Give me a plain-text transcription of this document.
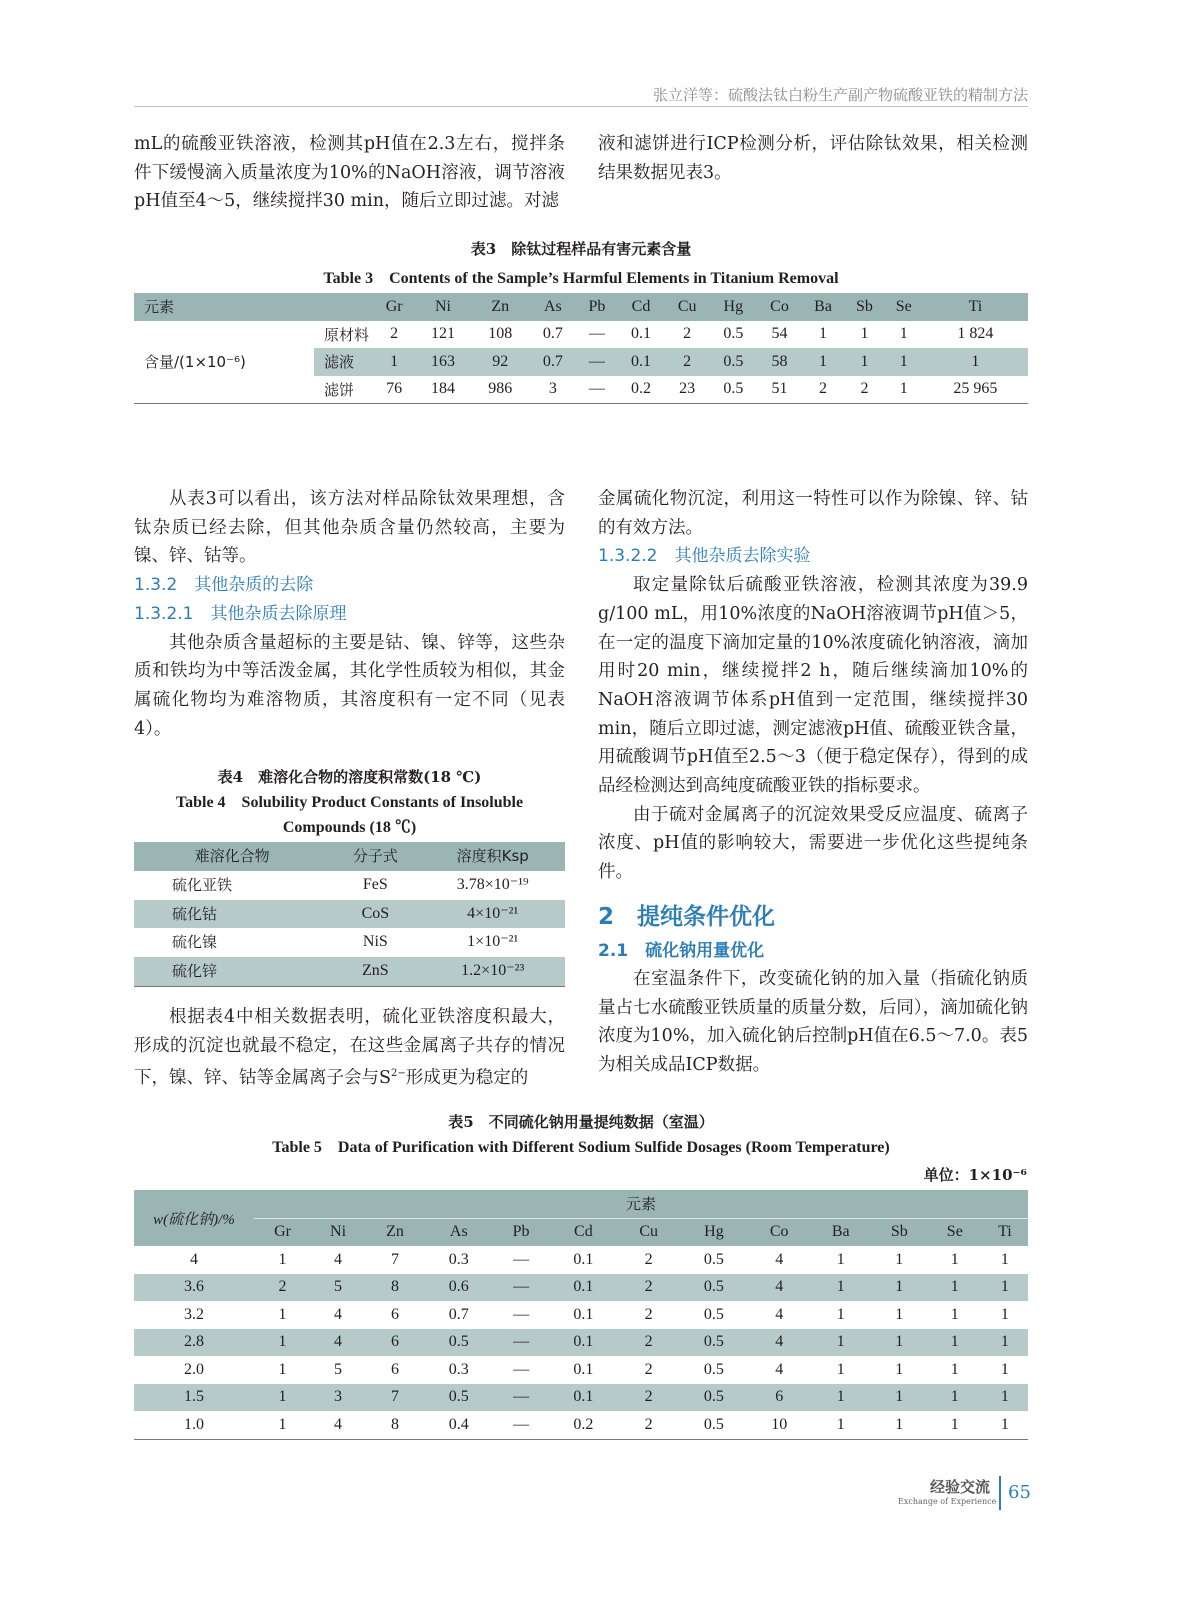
张立洋等：硫酸法钛白粉生产副产物硫酸亚铁的精制方法

mL的硫酸亚铁溶液，检测其pH值在2.3左右，搅拌条件下缓慢滴入质量浓度为10%的NaOH溶液，调节溶液pH值至4～5，继续搅拌30 min，随后立即过滤。对滤

液和滤饼进行ICP检测分析，评估除钛效果，相关检测结果数据见表3。

表3　除钛过程样品有害元素含量
Table 3　Contents of the Sample’s Harmful Elements in Titanium Removal
元素		Gr	Ni	Zn	As	Pb	Cd	Cu	Hg	Co	Ba	Sb	Se	Ti
含量/(1×10⁻⁶)	原材料	2	121	108	0.7	—	0.1	2	0.5	54	1	1	1	1 824
	滤液	1	163	92	0.7	—	0.1	2	0.5	58	1	1	1	1
	滤饼	76	184	986	3	—	0.2	23	0.5	51	2	2	1	25 965

从表3可以看出，该方法对样品除钛效果理想，含钛杂质已经去除，但其他杂质含量仍然较高，主要为镍、锌、钴等。

1.3.2　其他杂质的去除
1.3.2.1　其他杂质去除原理

其他杂质含量超标的主要是钴、镍、锌等，这些杂质和铁均为中等活泼金属，其化学性质较为相似，其金属硫化物均为难溶物质，其溶度积有一定不同（见表4）。

表4　难溶化合物的溶度积常数(18 ℃)
Table 4　Solubility Product Constants of Insoluble Compounds (18 ℃)
难溶化合物	分子式	溶度积Ksp
硫化亚铁	FeS	3.78×10⁻¹⁹
硫化钴	CoS	4×10⁻²¹
硫化镍	NiS	1×10⁻²¹
硫化锌	ZnS	1.2×10⁻²³

根据表4中相关数据表明，硫化亚铁溶度积最大，形成的沉淀也就最不稳定，在这些金属离子共存的情况下，镍、锌、钴等金属离子会与$S^{2-}$形成更为稳定的

金属硫化物沉淀，利用这一特性可以作为除镍、锌、钴的有效方法。

1.3.2.2　其他杂质去除实验

取定量除钛后硫酸亚铁溶液，检测其浓度为39.9 g/100 mL，用10%浓度的NaOH溶液调节pH值＞5，在一定的温度下滴加定量的10%浓度硫化钠溶液，滴加用时20 min，继续搅拌2 h，随后继续滴加10%的NaOH溶液调节体系pH值到一定范围，继续搅拌30 min，随后立即过滤，测定滤液pH值、硫酸亚铁含量，用硫酸调节pH值至2.5～3（便于稳定保存），得到的成品经检测达到高纯度硫酸亚铁的指标要求。

由于硫对金属离子的沉淀效果受反应温度、硫离子浓度、pH值的影响较大，需要进一步优化这些提纯条件。

2　提纯条件优化
2.1　硫化钠用量优化

在室温条件下，改变硫化钠的加入量（指硫化钠质量占七水硫酸亚铁质量的质量分数，后同），滴加硫化钠浓度为10%，加入硫化钠后控制pH值在6.5～7.0。表5为相关成品ICP数据。

表5　不同硫化钠用量提纯数据（室温）
Table 5　Data of Purification with Different Sodium Sulfide Dosages (Room Temperature)
单位：1×10⁻⁶
w(硫化钠)/%	元素												
	Gr	Ni	Zn	As	Pb	Cd	Cu	Hg	Co	Ba	Sb	Se	Ti
4	1	4	7	0.3	—	0.1	2	0.5	4	1	1	1	1
3.6	2	5	8	0.6	—	0.1	2	0.5	4	1	1	1	1
3.2	1	4	6	0.7	—	0.1	2	0.5	4	1	1	1	1
2.8	1	4	6	0.5	—	0.1	2	0.5	4	1	1	1	1
2.0	1	5	6	0.3	—	0.1	2	0.5	4	1	1	1	1
1.5	1	3	7	0.5	—	0.1	2	0.5	6	1	1	1	1
1.0	1	4	8	0.4	—	0.2	2	0.5	10	1	1	1	1
经验交流
Exchange of Experience 65
